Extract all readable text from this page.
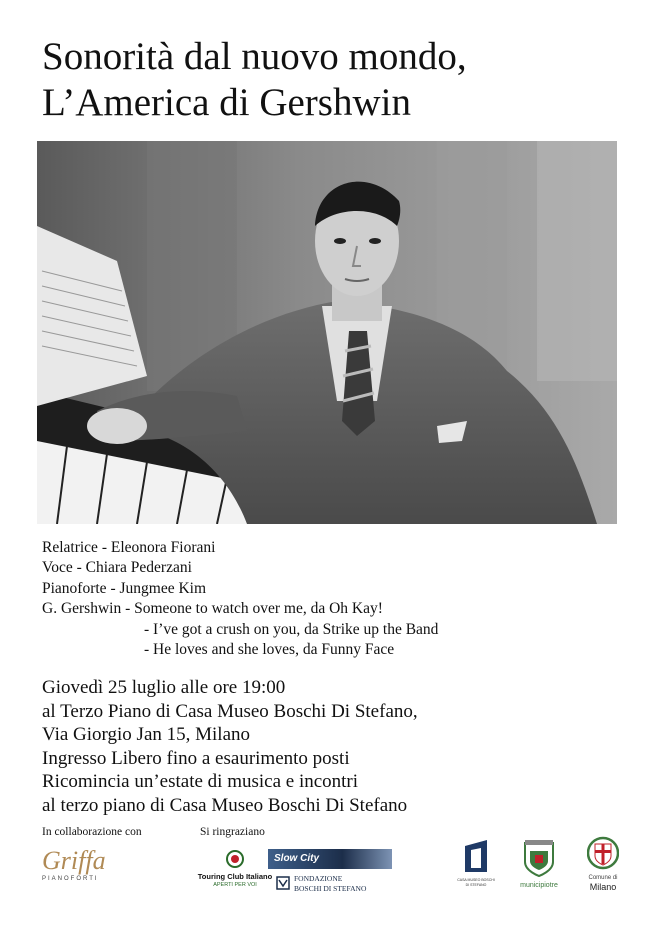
Sonorità dal nuovo mondo,
L’America di Gershwin
Relatrice - Eleonora Fiorani
Voce - Chiara Pederzani
Pianoforte - Jungmee Kim
G. Gershwin - Someone to watch over me, da Oh Kay!
- I’ve got a crush on you, da Strike up the Band
- He loves and she loves, da Funny Face
Giovedì 25 luglio alle ore 19:00
al Terzo Piano di Casa Museo Boschi Di Stefano,
Via Giorgio Jan 15, Milano
Ingresso Libero fino a esaurimento posti
Ricomincia un’estate di musica e incontri
al terzo piano di Casa Museo Boschi Di Stefano
In collaborazione con	Si ringraziano
Griffa
PIANOFORTI	Touring Club Italiano
APERTI PER VOI
Slow City
FONDAZIONE
BOSCHI DI STEFANO
CASA MUSEO BOSCHI DI STEFANO	municipiotre
Comune di
Milano
